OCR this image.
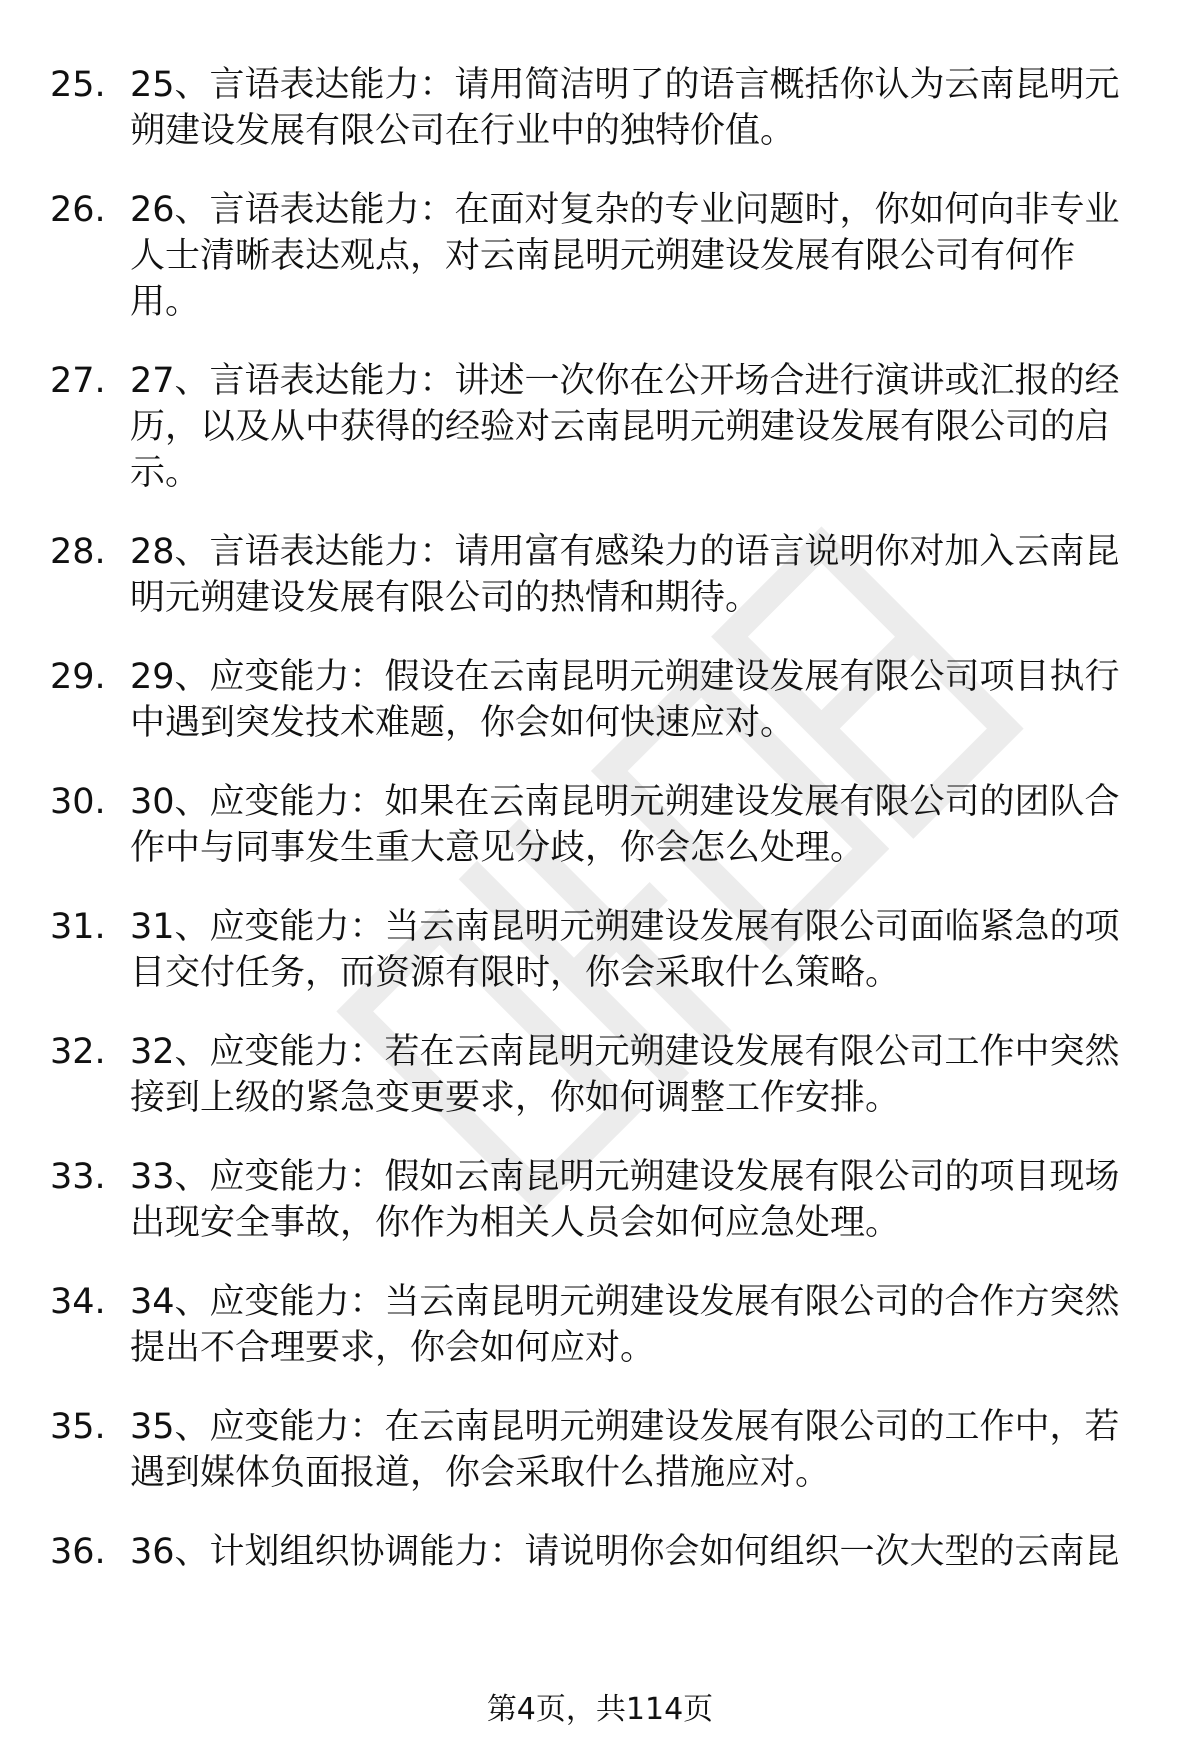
25. 25、言语表达能力：请用简洁明了的语言概括你认为云南昆明元朔建设发展有限公司在行业中的独特价值。
26. 26、言语表达能力：在面对复杂的专业问题时，你如何向非专业人士清晰表达观点，对云南昆明元朔建设发展有限公司有何作用。
27. 27、言语表达能力：讲述一次你在公开场合进行演讲或汇报的经历，以及从中获得的经验对云南昆明元朔建设发展有限公司的启示。
28. 28、言语表达能力：请用富有感染力的语言说明你对加入云南昆明元朔建设发展有限公司的热情和期待。
29. 29、应变能力：假设在云南昆明元朔建设发展有限公司项目执行中遇到突发技术难题，你会如何快速应对。
30. 30、应变能力：如果在云南昆明元朔建设发展有限公司的团队合作中与同事发生重大意见分歧，你会怎么处理。
31. 31、应变能力：当云南昆明元朔建设发展有限公司面临紧急的项目交付任务，而资源有限时，你会采取什么策略。
32. 32、应变能力：若在云南昆明元朔建设发展有限公司工作中突然接到上级的紧急变更要求，你如何调整工作安排。
33. 33、应变能力：假如云南昆明元朔建设发展有限公司的项目现场出现安全事故，你作为相关人员会如何应急处理。
34. 34、应变能力：当云南昆明元朔建设发展有限公司的合作方突然提出不合理要求，你会如何应对。
35. 35、应变能力：在云南昆明元朔建设发展有限公司的工作中，若遇到媒体负面报道，你会采取什么措施应对。
36. 36、计划组织协调能力：请说明你会如何组织一次大型的云南昆
第4页，共114页
